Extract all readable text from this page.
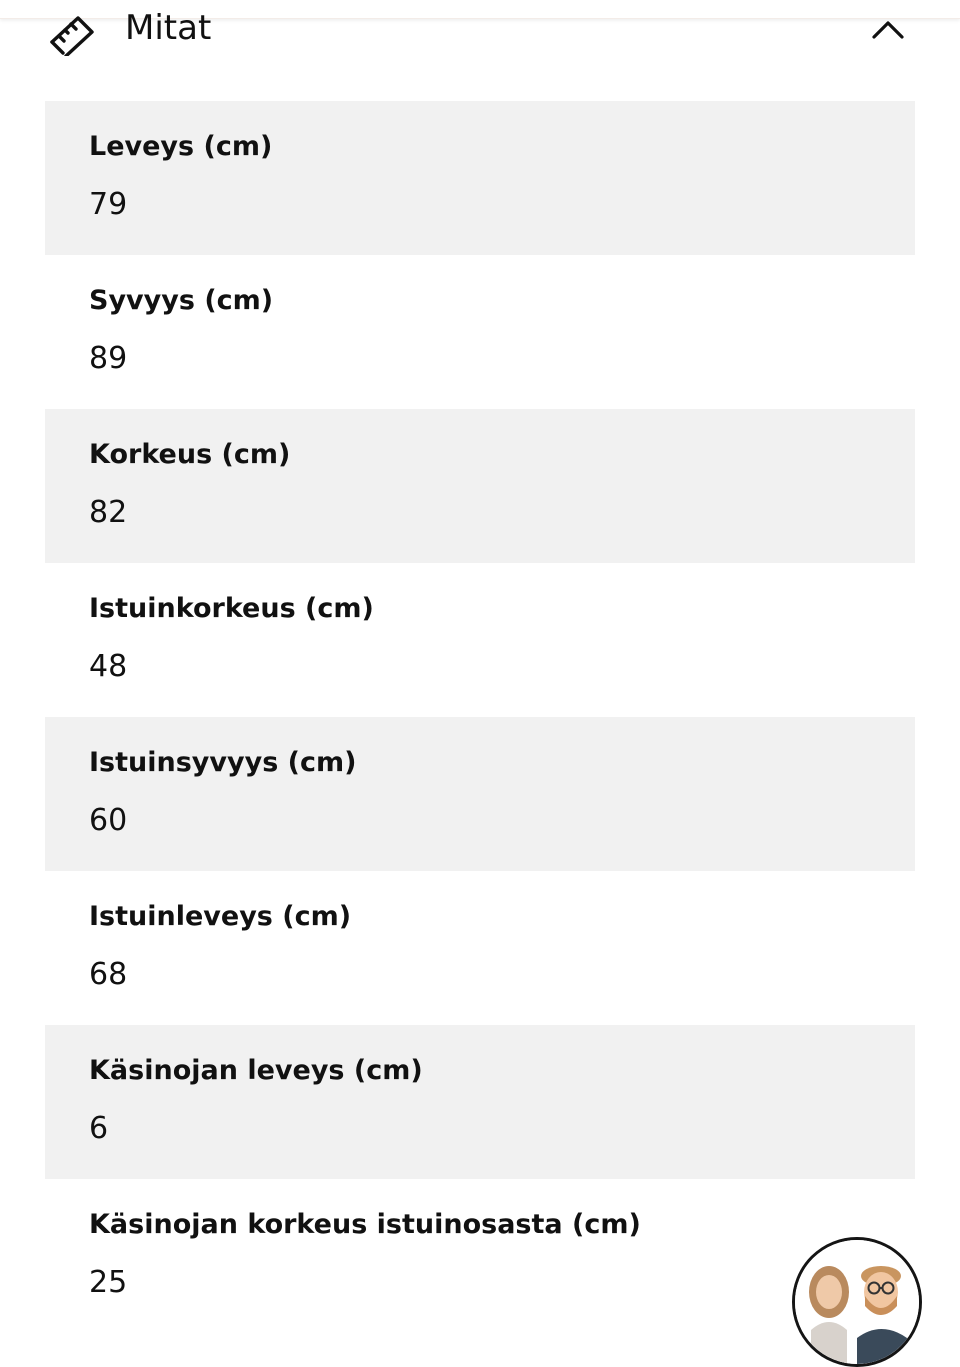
Mitat
Leveys (cm)
79
Syvyys (cm)
89
Korkeus (cm)
82
Istuinkorkeus (cm)
48
Istuinsyvyys (cm)
60
Istuinleveys (cm)
68
Käsinojan leveys (cm)
6
Käsinojan korkeus istuinosasta (cm)
25
